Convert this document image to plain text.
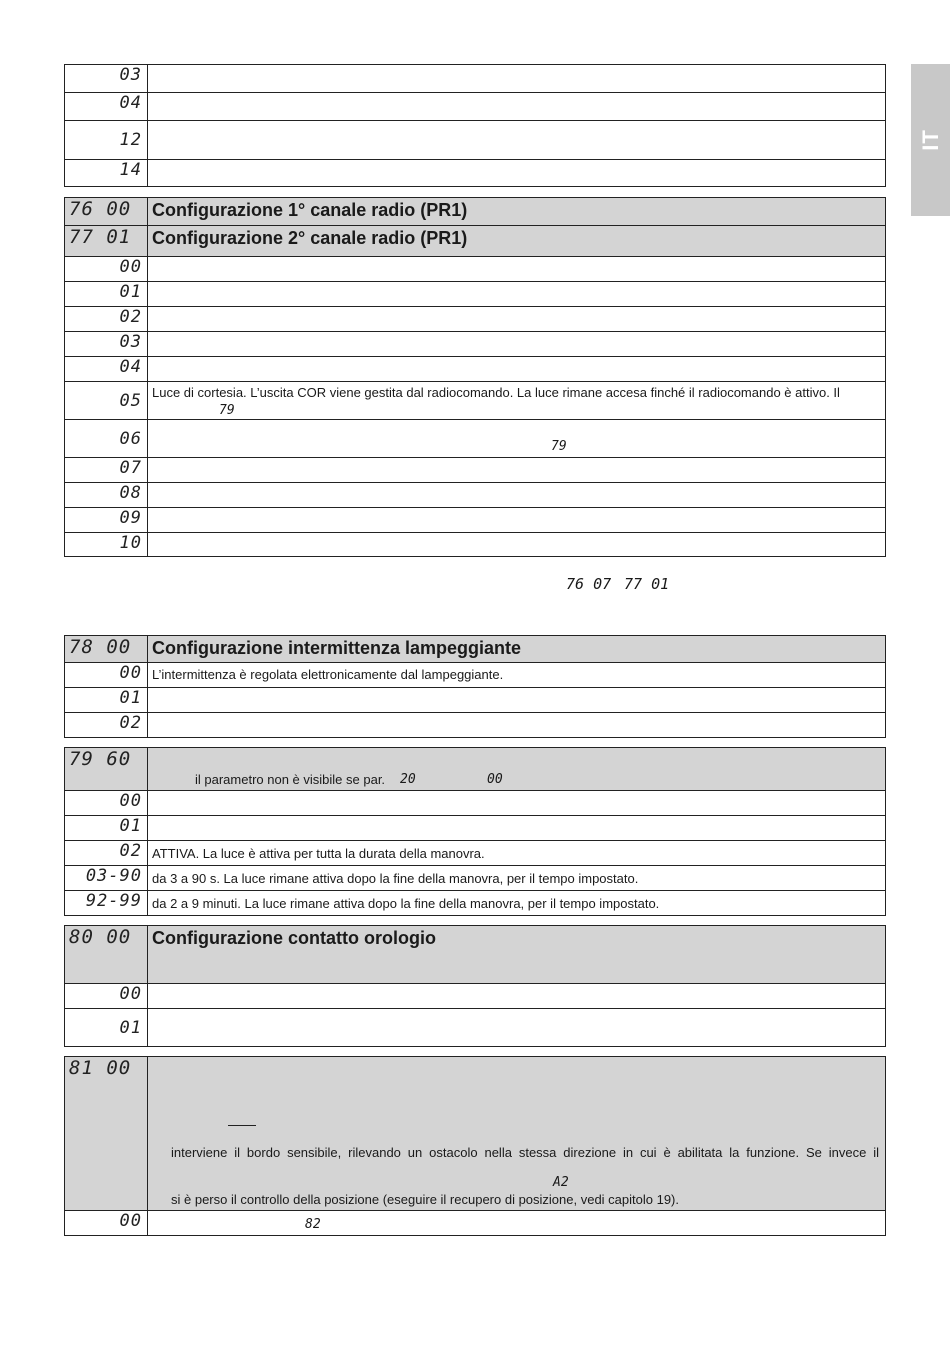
IT
03	
04	
12	
14	
76 00	Configurazione 1° canale radio (PR1)
77 01	Configurazione 2° canale radio (PR1)
00	
01	
02	
03	
04	
05	Luce di cortesia. L’uscita COR viene gestita dal radiocomando. La luce rimane accesa finché il radiocomando è attivo. Il
79

06	79

07	
08	
09	
10	
76 07 77 01
78 00	Configurazione intermittenza lampeggiante
00	L’intermittenza è regolata elettronicamente dal lampeggiante.
01	
02	
79 60	il parametro non è visibile se par. 20 00

00	
01	
02	ATTIVA. La luce è attiva per tutta la durata della manovra.
03-90	da 3 a 90 s. La luce rimane attiva dopo la fine della manovra, per il tempo impostato.
92-99	da 2 a 9 minuti. La luce rimane attiva dopo la fine della manovra, per il tempo impostato.
80 00	Configurazione contatto orologio
00	
01	
81 00	interviene il bordo sensibile, rilevando un ostacolo nella stessa direzione in cui è abilitata la funzione. Se invece il
A2
si è perso il controllo della posizione (eseguire il recupero di posizione, vedi capitolo 19).

00	82
